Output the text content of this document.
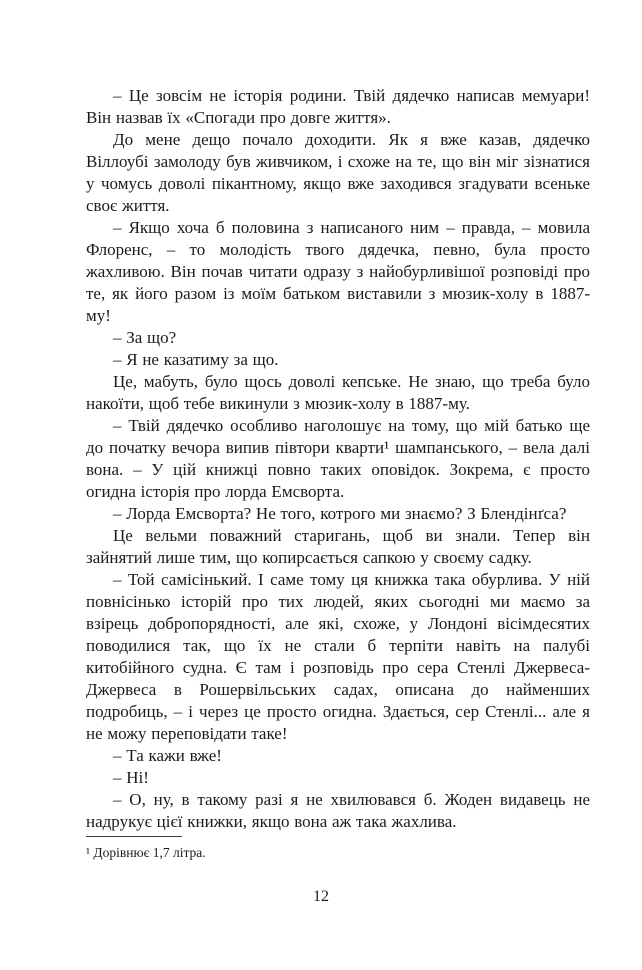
– Це зовсім не історія родини. Твій дядечко написав мемуари! Він назвав їх «Спогади про довге життя».

До мене дещо почало доходити. Як я вже казав, дядечко Віллоубі замолоду був живчиком, і схоже на те, що він міг зізнатися у чомусь доволі пікантному, якщо вже заходився згадувати всеньке своє життя.

– Якщо хоча б половина з написаного ним – правда, – мовила Флоренс, – то молодість твого дядечка, певно, була просто жахливою. Він почав читати одразу з найобурливішої розповіді про те, як його разом із моїм батьком виставили з мюзик-холу в 1887-му!

– За що?

– Я не казатиму за що.

Це, мабуть, було щось доволі кепське. Не знаю, що треба було накоїти, щоб тебе викинули з мюзик-холу в 1887-му.

– Твій дядечко особливо наголошує на тому, що мій батько ще до початку вечора випив півтори кварти¹ шампанського, – вела далі вона. – У цій книжці повно таких оповідок. Зокрема, є просто огидна історія про лорда Емсворта.

– Лорда Емсворта? Не того, котрого ми знаємо? З Блендінґса?

Це вельми поважний старигань, щоб ви знали. Тепер він зайнятий лише тим, що копирсається сапкою у своєму садку.

– Той самісінький. І саме тому ця книжка така обурлива. У ній повнісінько історій про тих людей, яких сьогодні ми маємо за взірець добропорядності, але які, схоже, у Лондоні вісімдесятих поводилися так, що їх не стали б терпіти навіть на палубі китобійного судна. Є там і розповідь про сера Стенлі Джервеса-Джервеса в Рошервільських садах, описана до найменших подробиць, – і через це просто огидна. Здається, сер Стенлі... але я не можу переповідати таке!

– Та кажи вже!

– Ні!

– О, ну, в такому разі я не хвилювався б. Жоден видавець не надрукує цієї книжки, якщо вона аж така жахлива.

¹ Дорівнює 1,7 літра.

12
